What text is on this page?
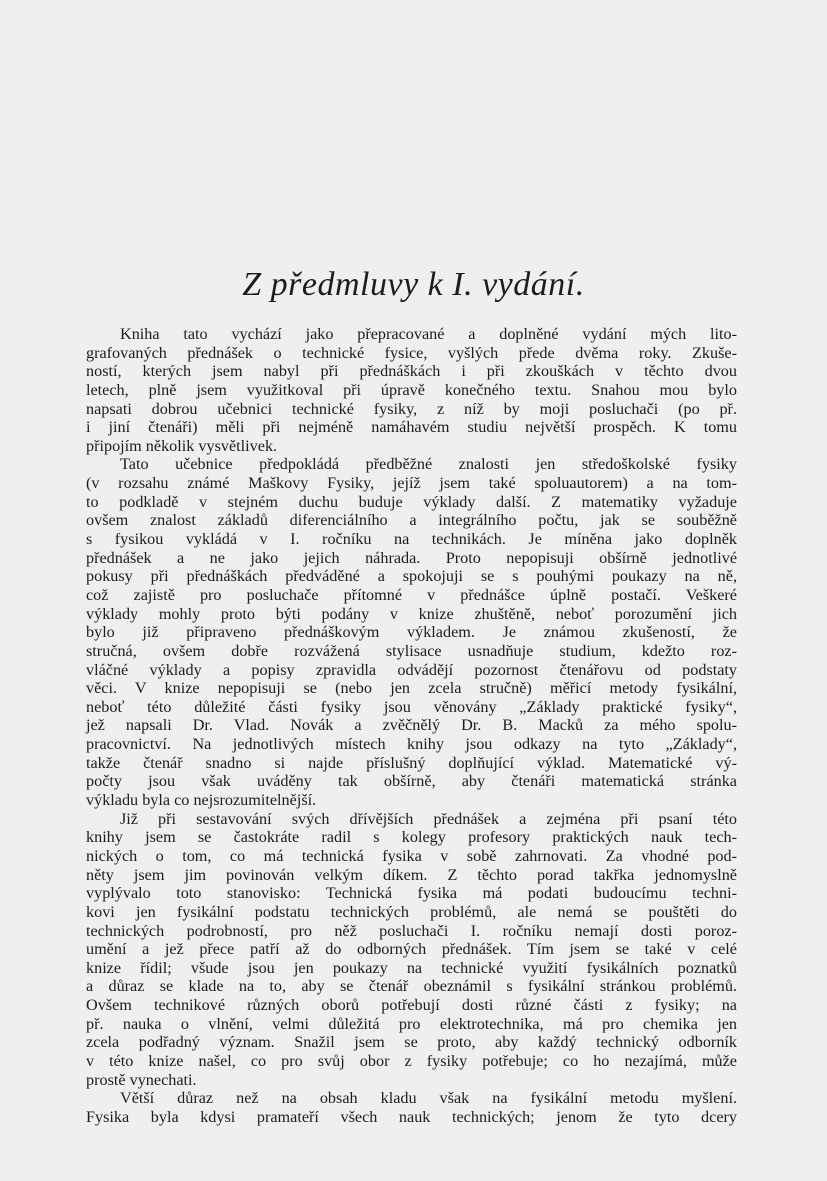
Z předmluvy k I. vydání.
Kniha tato vychází jako přepracované a doplněné vydání mých lito-
grafovaných přednášek o technické fysice, vyšlých přede dvěma roky. Zkuše-
ností, kterých jsem nabyl při přednáškách i při zkouškách v těchto dvou
letech, plně jsem využitkoval při úpravě konečného textu. Snahou mou bylo
napsati dobrou učebnici technické fysiky, z níž by moji posluchači (po př.
i jiní čtenáři) měli při nejméně namáhavém studiu největší prospěch. K tomu
připojím několik vysvětlivek.
Tato učebnice předpokládá předběžné znalosti jen středoškolské fysiky
(v rozsahu známé Maškovy Fysiky, jejíž jsem také spoluautorem) a na tom-
to podkladě v stejném duchu buduje výklady další. Z matematiky vyžaduje
ovšem znalost základů diferenciálního a integrálního počtu, jak se souběžně
s fysikou vykládá v I. ročníku na technikách. Je míněna jako doplněk
přednášek a ne jako jejich náhrada. Proto nepopisuji obšírně jednotlivé
pokusy při přednáškách předváděné a spokojuji se s pouhými poukazy na ně,
což zajistě pro posluchače přítomné v přednášce úplně postačí. Veškeré
výklady mohly proto býti podány v knize zhuštěně, neboť porozumění jich
bylo již připraveno přednáškovým výkladem. Je známou zkušeností, že
stručná, ovšem dobře rozvážená stylisace usnadňuje studium, kdežto roz-
vláčné výklady a popisy zpravidla odvádějí pozornost čtenářovu od podstaty
věci. V knize nepopisuji se (nebo jen zcela stručně) měřicí metody fysikální,
neboť této důležité části fysiky jsou věnovány „Základy praktické fysiky“,
jež napsali Dr. Vlad. Novák a zvěčnělý Dr. B. Macků za mého spolu-
pracovnictví. Na jednotlivých místech knihy jsou odkazy na tyto „Základy“,
takže čtenář snadno si najde příslušný doplňující výklad. Matematické vý-
počty jsou však uváděny tak obšírně, aby čtenáři matematická stránka
výkladu byla co nejsrozumitelnější.
Již při sestavování svých dřívějších přednášek a zejména při psaní této
knihy jsem se častokráte radil s kolegy profesory praktických nauk tech-
nických o tom, co má technická fysika v sobě zahrnovati. Za vhodné pod-
něty jsem jim povinován velkým díkem. Z těchto porad takřka jednomyslně
vyplývalo toto stanovisko: Technická fysika má podati budoucímu techni-
kovi jen fysikální podstatu technických problémů, ale nemá se pouštěti do
technických podrobností, pro něž posluchači I. ročníku nemají dosti poroz-
umění a jež přece patří až do odborných přednášek. Tím jsem se také v celé
knize řídil; všude jsou jen poukazy na technické využití fysikálních poznatků
a důraz se klade na to, aby se čtenář obeznámil s fysikální stránkou problémů.
Ovšem technikové různých oborů potřebují dosti různé části z fysiky; na
př. nauka o vlnění, velmi důležitá pro elektrotechnika, má pro chemika jen
zcela podřadný význam. Snažil jsem se proto, aby každý technický odborník
v této knize našel, co pro svůj obor z fysiky potřebuje; co ho nezajímá, může
prostě vynechati.
Větší důraz než na obsah kladu však na fysikální metodu myšlení.
Fysika byla kdysi pramateří všech nauk technických; jenom že tyto dcery
